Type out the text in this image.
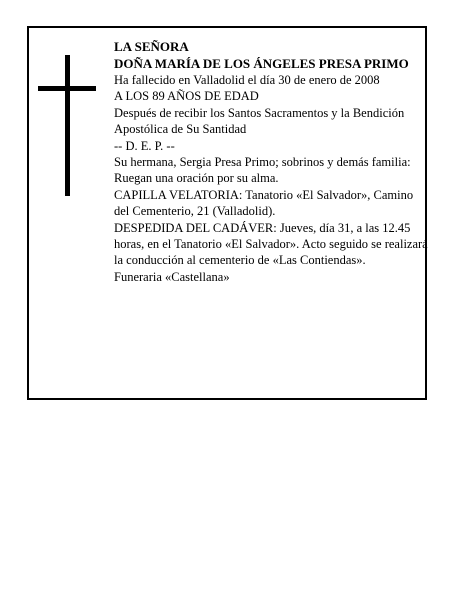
LA SEÑORA

DOÑA MARÍA DE LOS ÁNGELES PRESA PRIMO

Ha fallecido en Valladolid el día 30 de enero de 2008

A LOS 89 AÑOS DE EDAD

Después de recibir los Santos Sacramentos y la Bendición Apostólica de Su Santidad

-- D. E. P. --

Su hermana, Sergia Presa Primo; sobrinos y demás familia:

Ruegan una oración por su alma.

CAPILLA VELATORIA: Tanatorio «El Salvador», Camino del Cementerio, 21 (Valladolid).

DESPEDIDA DEL CADÁVER: Jueves, día 31, a las 12.45 horas, en el Tanatorio «El Salvador». Acto seguido se realizará la conducción al cementerio de «Las Contiendas».

Funeraria «Castellana»
